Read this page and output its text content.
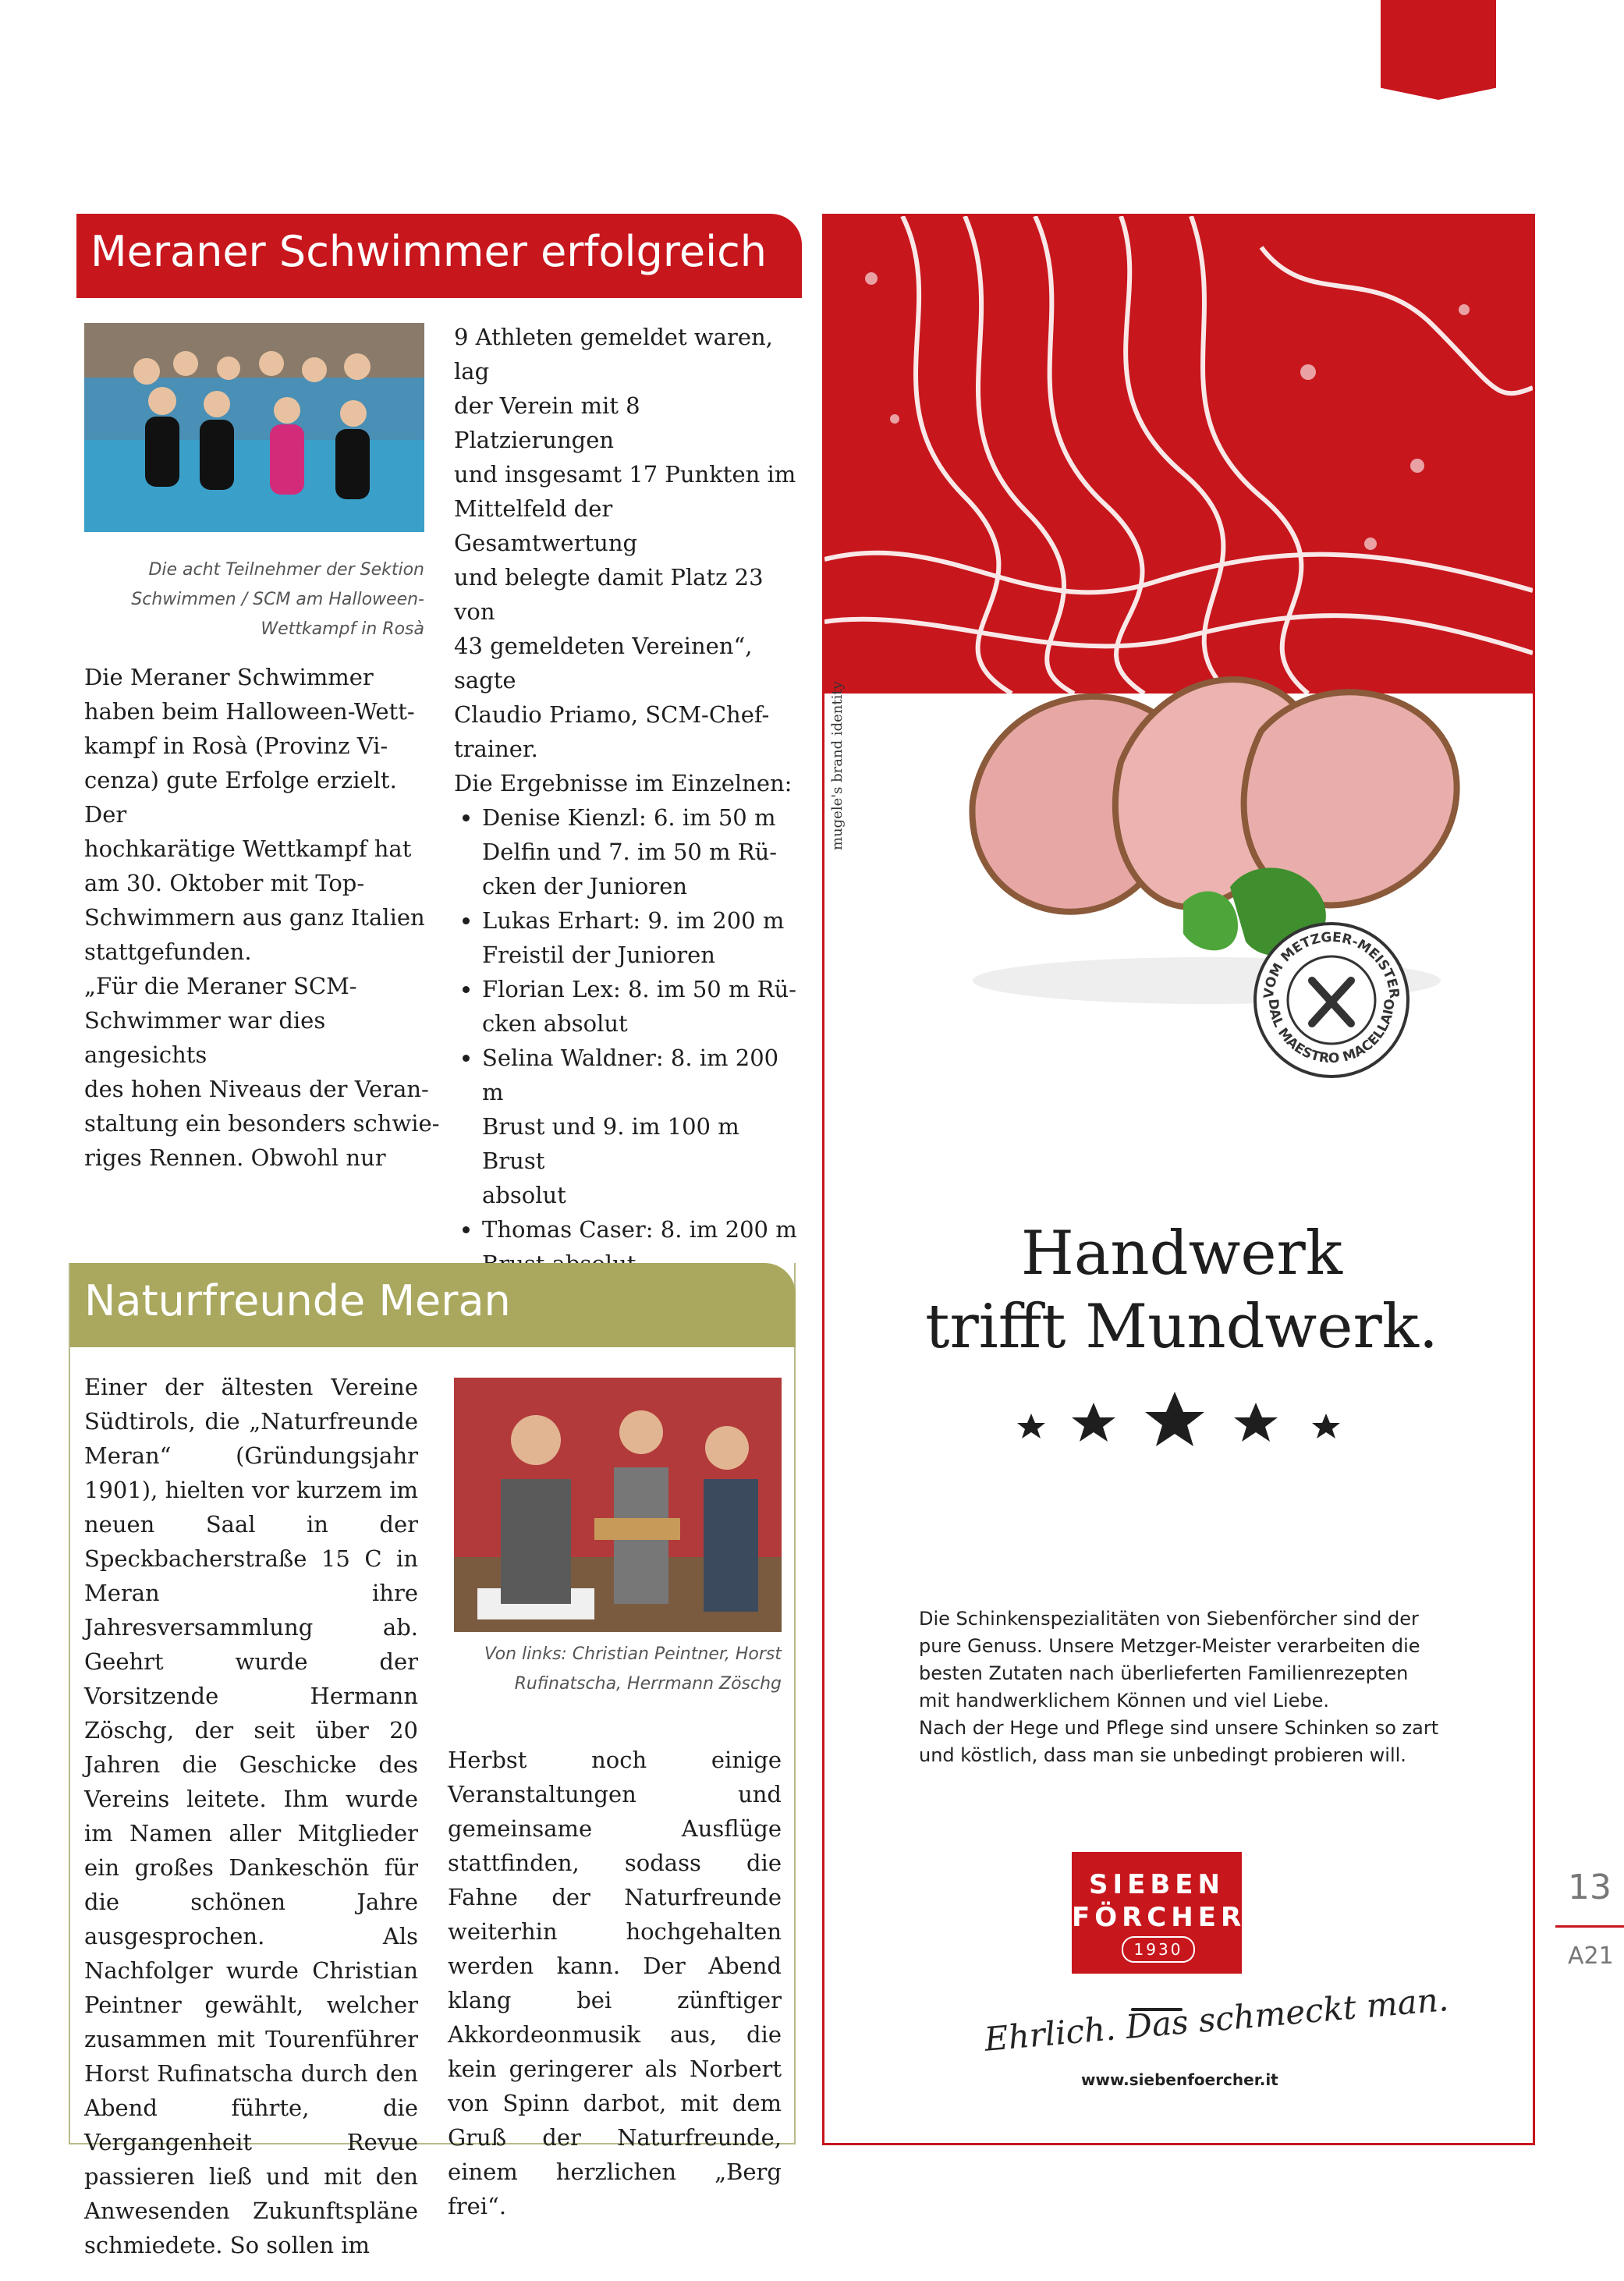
Meraner Schwimmer erfolgreich
Die acht Teilnehmer der Sektion
Schwimmen / SCM am Halloween-
Wettkampf in Rosà
Die Meraner Schwimmer
haben beim Halloween-Wett-
kampf in Rosà (Provinz Vi-
cenza) gute Erfolge erzielt. Der
hochkarätige Wettkampf hat
am 30. Oktober mit Top-
Schwimmern aus ganz Italien
stattgefunden.
„Für die Meraner SCM-
Schwimmer war dies angesichts
des hohen Niveaus der Veran-
staltung ein besonders schwie-
riges Rennen. Obwohl nur
9 Athleten gemeldet waren, lag
der Verein mit 8 Platzierungen
und insgesamt 17 Punkten im
Mittelfeld der Gesamtwertung
und belegte damit Platz 23 von
43 gemeldeten Vereinen“, sagte
Claudio Priamo, SCM-Chef-
trainer.
Die Ergebnisse im Einzelnen:
• Denise Kienzl: 6. im 50 m
Delfin und 7. im 50 m Rü-
cken der Junioren
• Lukas Erhart: 9. im 200 m
Freistil der Junioren
• Florian Lex: 8. im 50 m Rü-
cken absolut
• Selina Waldner: 8. im 200 m
Brust und 9. im 100 m Brust
absolut
• Thomas Caser: 8. im 200 m
•
Naturfreunde Meran

Einer der ältesten Vereine Südtirols, die „Naturfreunde Meran“ (Gründungsjahr 1901), hielten vor kurzem im neuen Saal in der Speckbacherstraße 15 C in Meran ihre Jahresversammlung ab. Geehrt wurde der Vorsitzende Hermann Zöschg, der seit über 20 Jahren die Geschicke des Vereins leitete. Ihm wurde im Namen aller Mitglieder ein großes Dankeschön für die schönen Jahre ausgesprochen. Als Nachfolger wurde Christian Peintner gewählt, welcher zusammen mit Tourenführer Horst Rufinatscha durch den Abend führte, die Vergangenheit Revue passieren ließ und mit den Anwesenden Zukunftspläne schmiedete. So sollen im

Von links: Christian Peintner, Horst
Rufinatscha, Herrmann Zöschg

Herbst noch einige Veranstaltungen und gemeinsame Ausflüge stattfinden, sodass die Fahne der Naturfreunde weiterhin hochgehalten werden kann. Der Abend klang bei zünftiger Akkordeonmusik aus, die kein geringerer als Norbert von Spinn darbot, mit dem Gruß der Naturfreunde, einem herzlichen „Berg frei“.

VOM METZGER-MEISTER
DAL MAESTRO MACELLAIO
mugele's brand identity
Handwerk
trifft Mundwerk.
Die Schinkenspezialitäten von Siebenförcher sind der
pure Genuss. Unsere Metzger-Meister verarbeiten die
besten Zutaten nach überlieferten Familienrezepten
mit handwerklichem Können und viel Liebe.
Nach der Hege und Pflege sind unsere Schinken so zart
und köstlich, dass man sie unbedingt probieren will.
SIEBEN
FÖRCHER
1930
Ehrlich. Das schmeckt man.
www.siebenfoercher.it
13
A21
